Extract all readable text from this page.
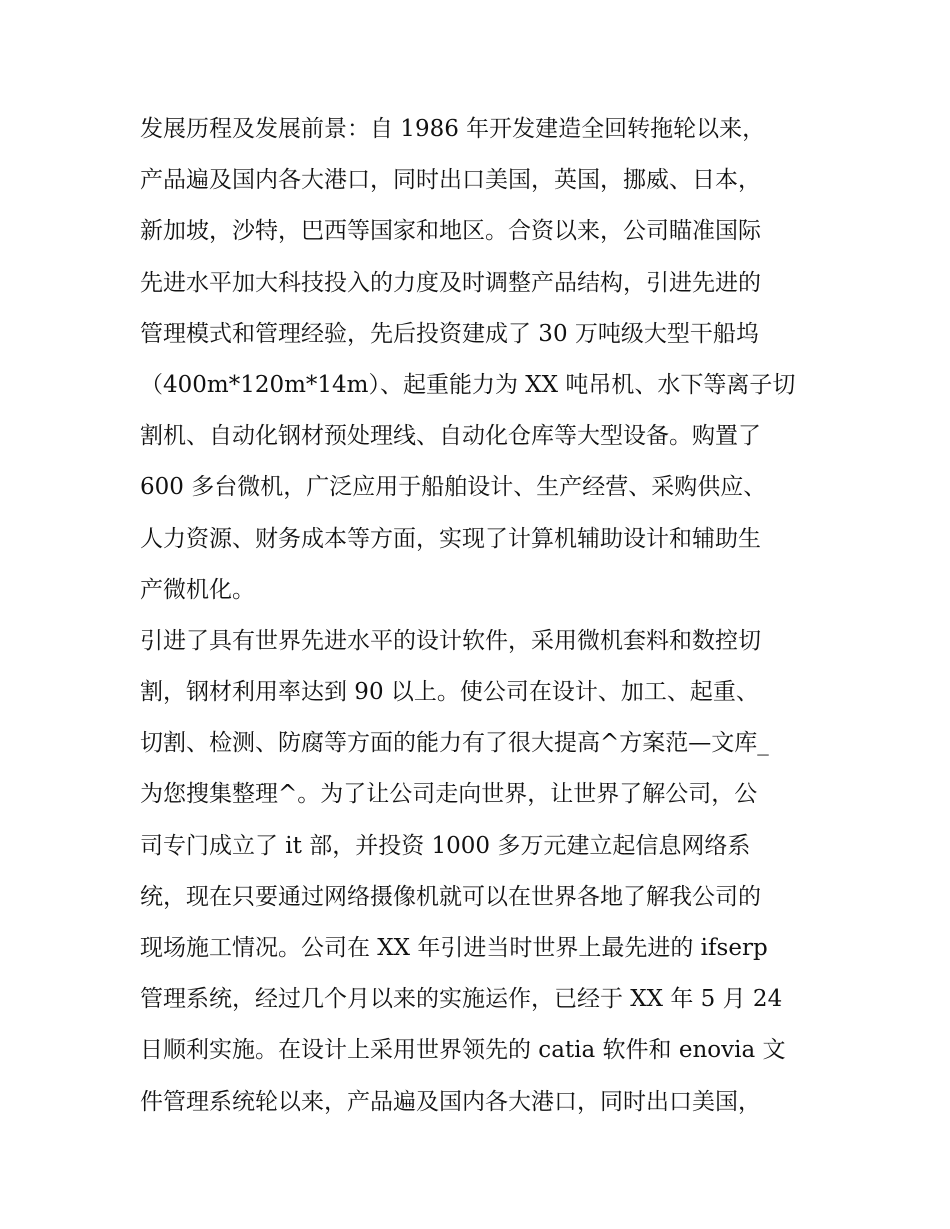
发展历程及发展前景：自 1986 年开发建造全回转拖轮以来，
产品遍及国内各大港口，同时出口美国，英国，挪威、日本，
新加坡，沙特，巴西等国家和地区。合资以来，公司瞄准国际
先进水平加大科技投入的力度及时调整产品结构，引进先进的
管理模式和管理经验，先后投资建成了 30 万吨级大型干船坞
（400m*120m*14m）、起重能力为 XX 吨吊机、水下等离子切
割机、自动化钢材预处理线、自动化仓库等大型设备。购置了
600 多台微机，广泛应用于船舶设计、生产经营、采购供应、
人力资源、财务成本等方面，实现了计算机辅助设计和辅助生
产微机化。
引进了具有世界先进水平的设计软件，采用微机套料和数控切
割，钢材利用率达到 90 以上。使公司在设计、加工、起重、
切割、检测、防腐等方面的能力有了很大提高^方案范—文库_
为您搜集整理^。为了让公司走向世界，让世界了解公司，公
司专门成立了 it 部，并投资 1000 多万元建立起信息网络系
统，现在只要通过网络摄像机就可以在世界各地了解我公司的
现场施工情况。公司在 XX 年引进当时世界上最先进的 ifserp
管理系统，经过几个月以来的实施运作，已经于 XX 年 5 月 24
日顺利实施。在设计上采用世界领先的 catia 软件和 enovia 文
件管理系统轮以来，产品遍及国内各大港口，同时出口美国，
